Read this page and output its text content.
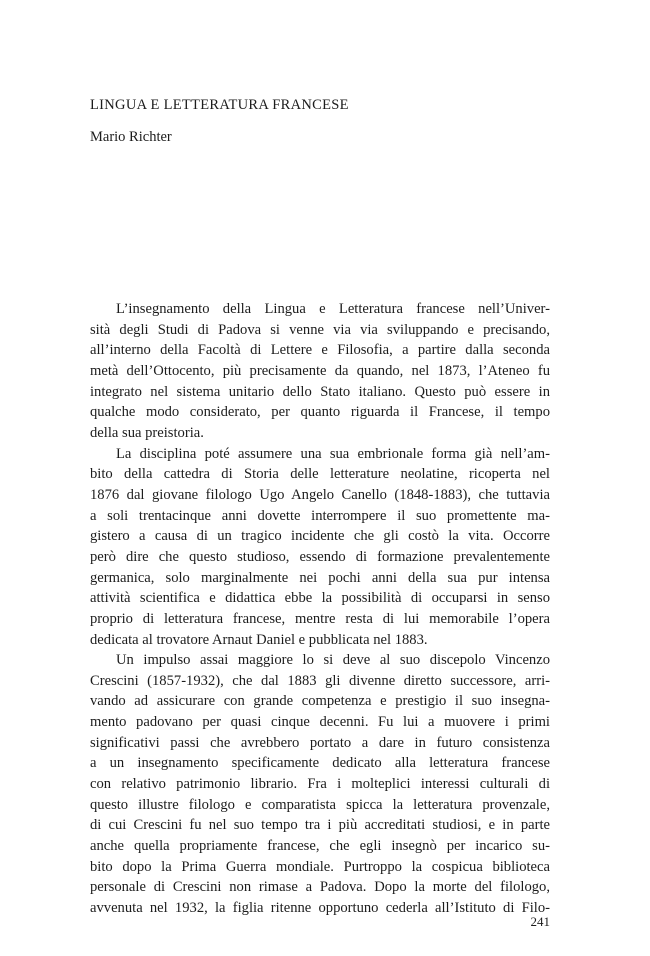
LINGUA E LETTERATURA FRANCESE

Mario Richter

L’insegnamento della Lingua e Letteratura francese nell’Univer-
sità degli Studi di Padova si venne via via sviluppando e precisando,
all’interno della Facoltà di Lettere e Filosofia, a partire dalla seconda
metà dell’Ottocento, più precisamente da quando, nel 1873, l’Ateneo fu
integrato nel sistema unitario dello Stato italiano. Questo può essere in
qualche modo considerato, per quanto riguarda il Francese, il tempo
della sua preistoria.
La disciplina poté assumere una sua embrionale forma già nell’am-
bito della cattedra di Storia delle letterature neolatine, ricoperta nel
1876 dal giovane filologo Ugo Angelo Canello (1848-1883), che tuttavia
a soli trentacinque anni dovette interrompere il suo promettente ma-
gistero a causa di un tragico incidente che gli costò la vita. Occorre
però dire che questo studioso, essendo di formazione prevalentemente
germanica, solo marginalmente nei pochi anni della sua pur intensa
attività scientifica e didattica ebbe la possibilità di occuparsi in senso
proprio di letteratura francese, mentre resta di lui memorabile l’opera
dedicata al trovatore Arnaut Daniel e pubblicata nel 1883.
Un impulso assai maggiore lo si deve al suo discepolo Vincenzo
Crescini (1857-1932), che dal 1883 gli divenne diretto successore, arri-
vando ad assicurare con grande competenza e prestigio il suo insegna-
mento padovano per quasi cinque decenni. Fu lui a muovere i primi
significativi passi che avrebbero portato a dare in futuro consistenza
a un insegnamento specificamente dedicato alla letteratura francese
con relativo patrimonio librario. Fra i molteplici interessi culturali di
questo illustre filologo e comparatista spicca la letteratura provenzale,
di cui Crescini fu nel suo tempo tra i più accreditati studiosi, e in parte
anche quella propriamente francese, che egli insegnò per incarico su-
bito dopo la Prima Guerra mondiale. Purtroppo la cospicua biblioteca
personale di Crescini non rimase a Padova. Dopo la morte del filologo,
avvenuta nel 1932, la figlia ritenne opportuno cederla all’Istituto di Filo-
241
